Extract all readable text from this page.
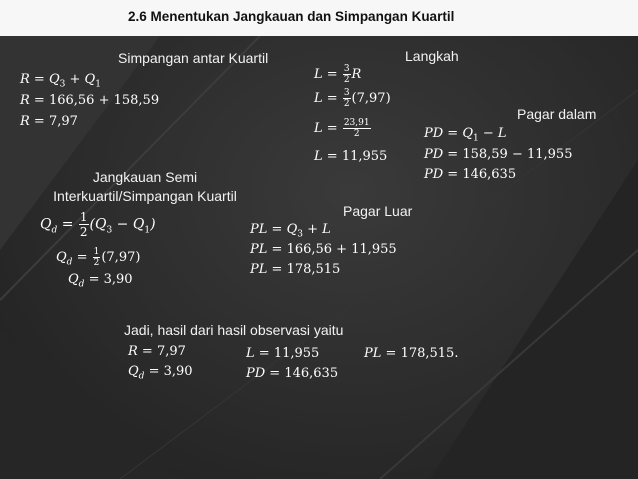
2.6 Menentukan Jangkauan dan Simpangan Kuartil
Simpangan antar Kuartil
$R = Q_3 + Q_1$
R = 166,56 + 158,59
R = 7,97
Langkah
$L = \frac{3}{2}$ R
$L = \frac{3}{2} (7,97)$
$L = \frac{23,91}{2}$
L = 11,955
Pagar dalam
PD = $Q_1 - L$
PD = 158,59 − 11,955
PD = 146,635
Jangkauan Semi
Interkuartil/Simpangan Kuartil
$Q_d = \frac{1}{2} (Q_3 - Q_1)$
$Q_d = \frac{1}{2} (7,97)$
$Q_d = 3,90$
Pagar Luar
PL = $Q_3 + L$
PL = 166,56 + 11,955
PL = 178,515
Jadi, hasil dari hasil observasi yaitu
R = 7,97	L = 11,955	PL = 178,515.
$Q_d = 3,90$	PD = 146,635
